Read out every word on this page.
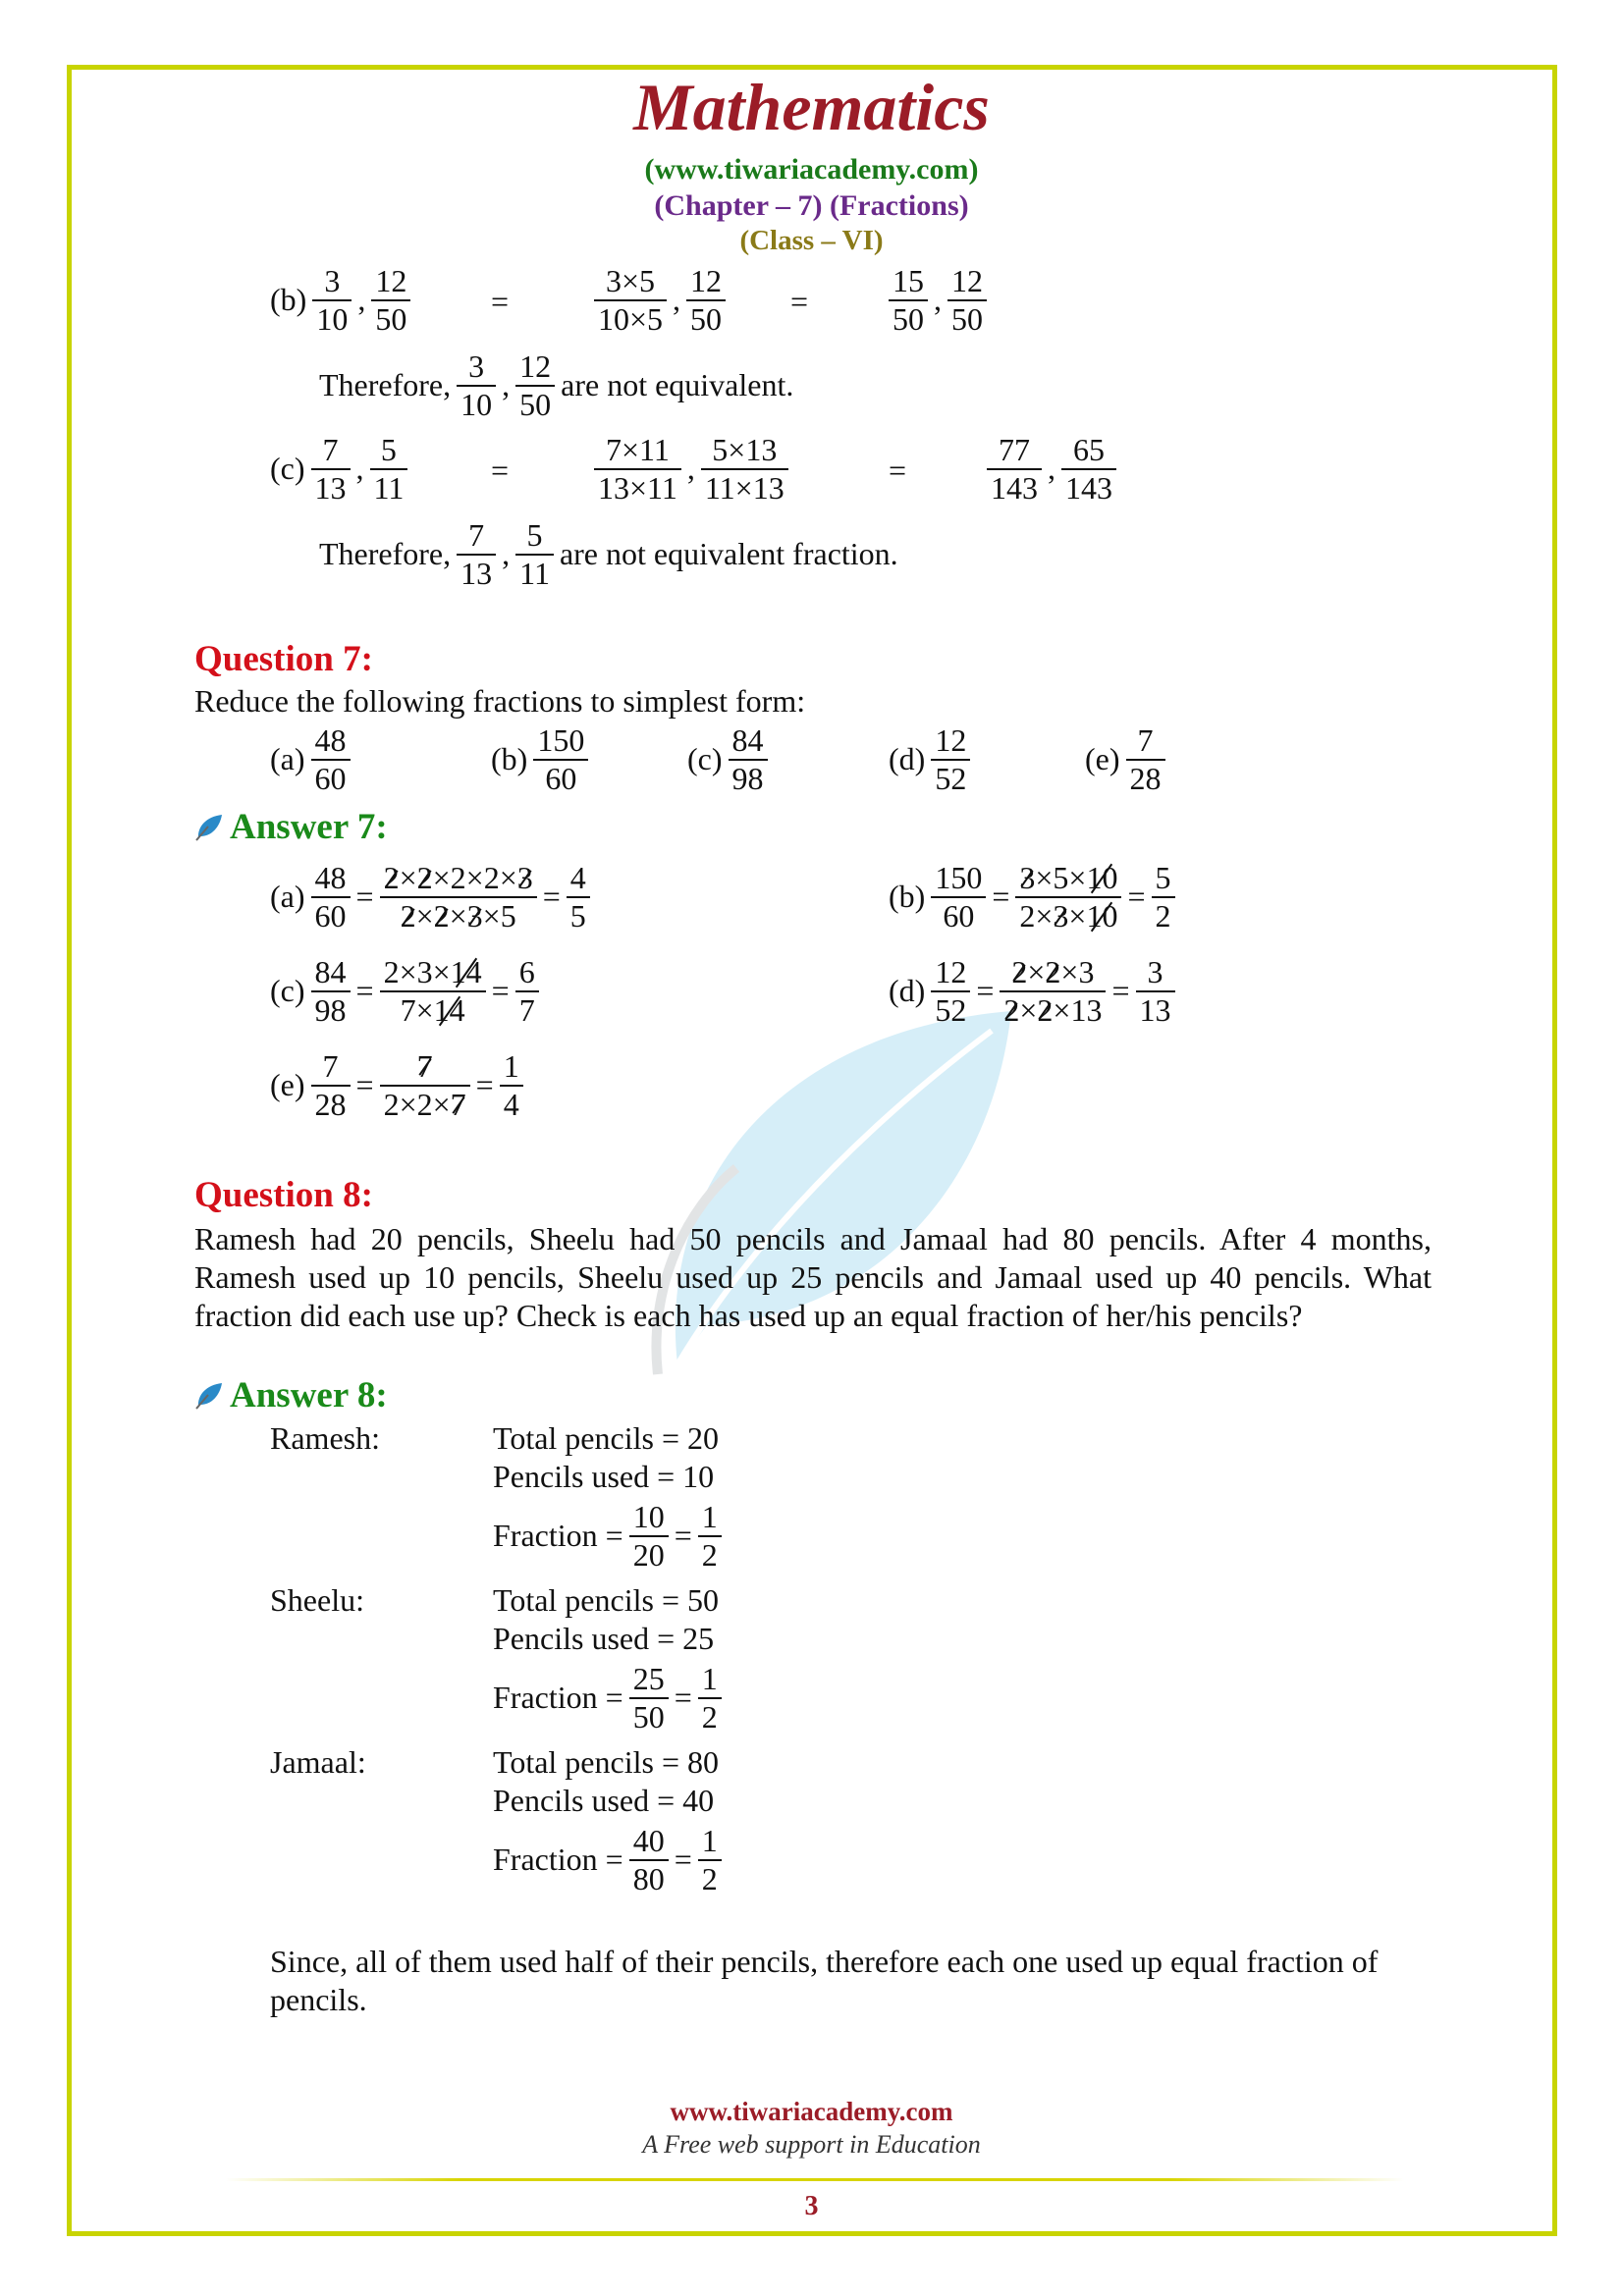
Mathematics
(www.tiwariacademy.com)
(Chapter – 7) (Fractions)
(Class – VI)
$(b) \frac{3}{10}$ , $\frac{12}{50}$	=	$\frac{3\times 5}{10\times 5}$ , $\frac{12}{50}$ =	$\frac{15}{50}$ , $\frac{12}{50}$
Therefore, $\frac{3}{10}$ , $\frac{12}{50}$ are not equivalent.
$(c) \frac{7}{13}$ , $\frac{5}{11}$	=	$\frac{7\times 11}{13\times 11}$ , $\frac{5\times 13}{11\times 13}$	=	$\frac{77}{143}$ , $\frac{65}{143}$
Therefore, $\frac{7}{13}$ , $\frac{5}{11}$ are not equivalent fraction.
Question 7:
Reduce the following fractions to simplest form:
$(a) \frac{48}{60}$	$(b) \frac{150}{60}$	$(c) \frac{84}{98}$	$(d) \frac{12}{52}$	$(e) \frac{7}{28}$
Answer 7:
$(a) \frac{48}{60} = \frac{2\times 2\times 2\times 2\times 3}{2\times 2\times 3\times 5} = \frac{4}{5}$	$(b) \frac{150}{60} = \frac{3\times 5\times 10}{2\times 3\times 10} = \frac{5}{2}$
$(c) \frac{84}{98} = \frac{2\times 3\times 14}{7\times 14} = \frac{6}{7}$	$(d) \frac{12}{52} = \frac{2\times 2\times 3}{2\times 2\times 13} = \frac{3}{13}$
$(e) \frac{7}{28} = \frac{7}{2\times 2\times 7} = \frac{1}{4}$
Question 8:
Ramesh had 20 pencils, Sheelu had 50 pencils and Jamaal had 80 pencils. After 4 months, Ramesh used up 10 pencils, Sheelu used up 25 pencils and Jamaal used up 40 pencils. What fraction did each use up? Check is each has used up an equal fraction of her/his pencils?
Answer 8:
Ramesh:	Total pencils = 20
Pencils used = 10
Fraction = $\frac{10}{20} = \frac{1}{2}$
Sheelu:	Total pencils = 50
Pencils used = 25
Fraction = $\frac{25}{50} = \frac{1}{2}$
Jamaal:	Total pencils = 80
Pencils used = 40
Fraction = $\frac{40}{80} = \frac{1}{2}$
Since, all of them used half of their pencils, therefore each one used up equal fraction of pencils.
www.tiwariacademy.com
A Free web support in Education
3
